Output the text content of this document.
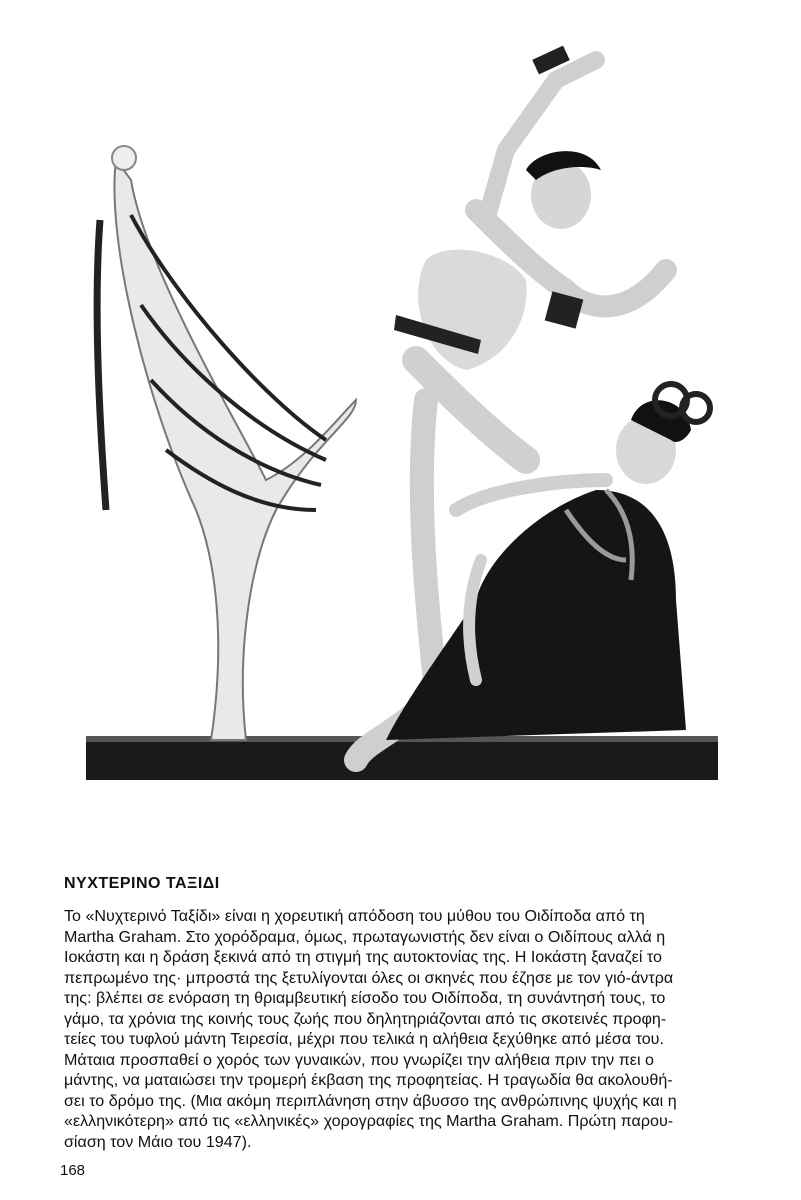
ΝΥΧΤΕΡΙΝΟ ΤΑΞΙΔΙ
Το «Νυχτερινό Ταξίδι» είναι η χορευτική απόδοση του μύθου του Οιδίποδα από τη
Martha Graham. Στο χορόδραμα, όμως, πρωταγωνιστής δεν είναι ο Οιδίπους αλλά η
Ιοκάστη και η δράση ξεκινά από τη στιγμή της αυτοκτονίας της. Η Ιοκάστη ξαναζεί το
πεπρωμένο της· μπροστά της ξετυλίγονται όλες οι σκηνές που έζησε με τον γιό-άντρα
της: βλέπει σε ενόραση τη θριαμβευτική είσοδο του Οιδίποδα, τη συνάντησή τους, το
γάμο, τα χρόνια της κοινής τους ζωής που δηλητηριάζονται από τις σκοτεινές προφη-
τείες του τυφλού μάντη Τειρεσία, μέχρι που τελικά η αλήθεια ξεχύθηκε από μέσα του.
Μάταια προσπαθεί ο χορός των γυναικών, που γνωρίζει την αλήθεια πριν την πει ο
μάντης, να ματαιώσει την τρομερή έκβαση της προφητείας. Η τραγωδία θα ακολουθή-
σει το δρόμο της. (Μια ακόμη περιπλάνηση στην άβυσσο της ανθρώπινης ψυχής και η
«ελληνικότερη» από τις «ελληνικές» χορογραφίες της Martha Graham. Πρώτη παρου-
σίαση τον Μάιο του 1947).
168
